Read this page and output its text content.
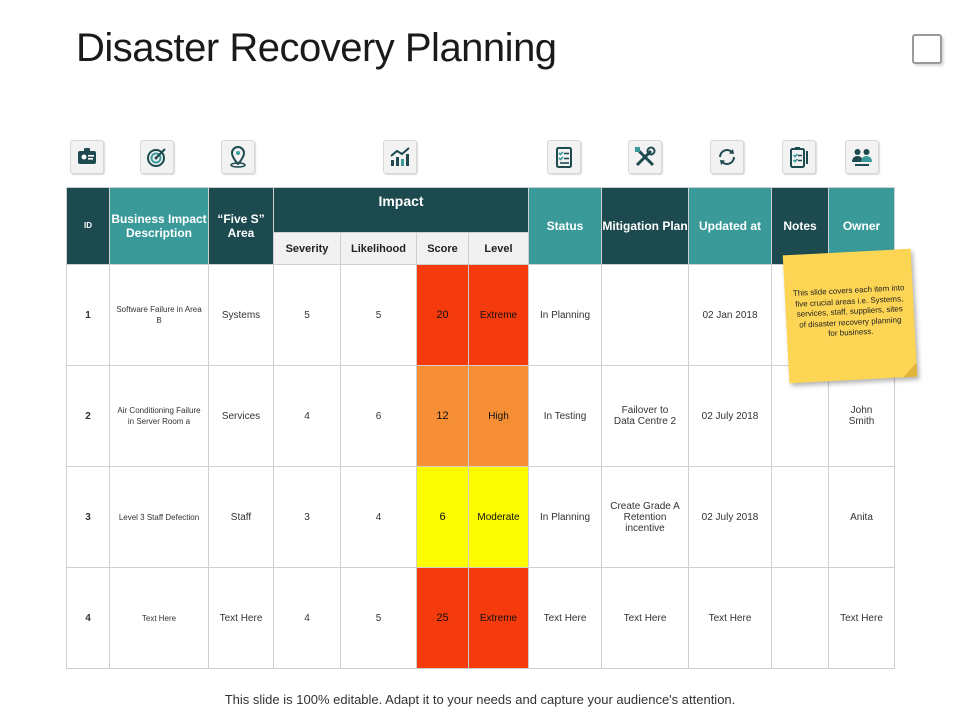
Disaster Recovery Planning
ID	Business Impact Description	“Five S” Area	Impact				Status	Mitigation Plan	Updated at	Notes	Owner
			Severity	Likelihood	Score	Level					
1	Software Failure in Area B	Systems	5	5	20	Extreme	In Planning		02 Jan 2018		
2	Air Conditioning Failure in Server Room a	Services	4	6	12	High	In Testing	Failover to Data Centre 2	02 July 2018		John Smith
3	Level 3 Staff Defection	Staff	3	4	6	Moderate	In Planning	Create Grade A Retention incentive	02 July 2018		Anita
4	Text Here	Text Here	4	5	25	Extreme	Text Here	Text Here	Text Here		Text Here
This slide covers each item into five crucial areas i.e. Systems, services, staff, suppliers, sites of disaster recovery planning for business.
This slide is 100% editable. Adapt it to your needs and capture your audience's attention.
